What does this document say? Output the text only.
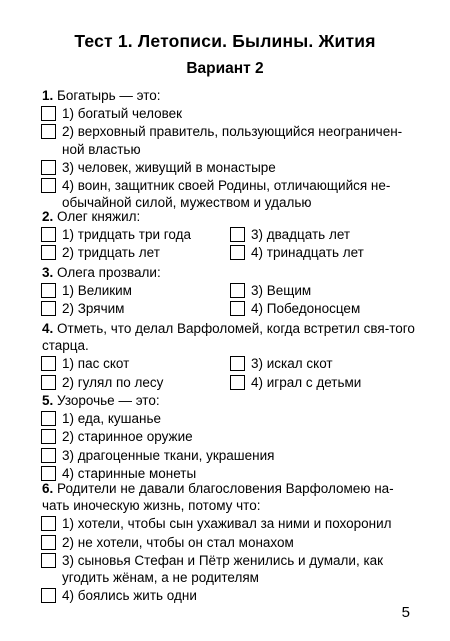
Тест 1. Летописи. Былины. Жития
Вариант 2
1. Богатырь — это:
1) богатый человек
2) верховный правитель, пользующийся неограничен-ной властью
3) человек, живущий в монастыре
4) воин, защитник своей Родины, отличающийся не-обычайной силой, мужеством и удалью
2. Олег княжил:
1) тридцать три года
2) тридцать лет
3) двадцать лет
4) тринадцать лет
3. Олега прозвали:
1) Великим
2) Зрячим
3) Вещим
4) Победоносцем
4. Отметь, что делал Варфоломей, когда встретил свя-того старца.
1) пас скот
2) гулял по лесу
3) искал скот
4) играл с детьми
5. Узорочье — это:
1) еда, кушанье
2) старинное оружие
3) драгоценные ткани, украшения
4) старинные монеты
6. Родители не давали благословения Варфоломею на-чать иноческую жизнь, потому что:
1) хотели, чтобы сын ухаживал за ними и похоронил
2) не хотели, чтобы он стал монахом
3) сыновья Стефан и Пётр женились и думали, как угодить жёнам, а не родителям
4) боялись жить одни
5
